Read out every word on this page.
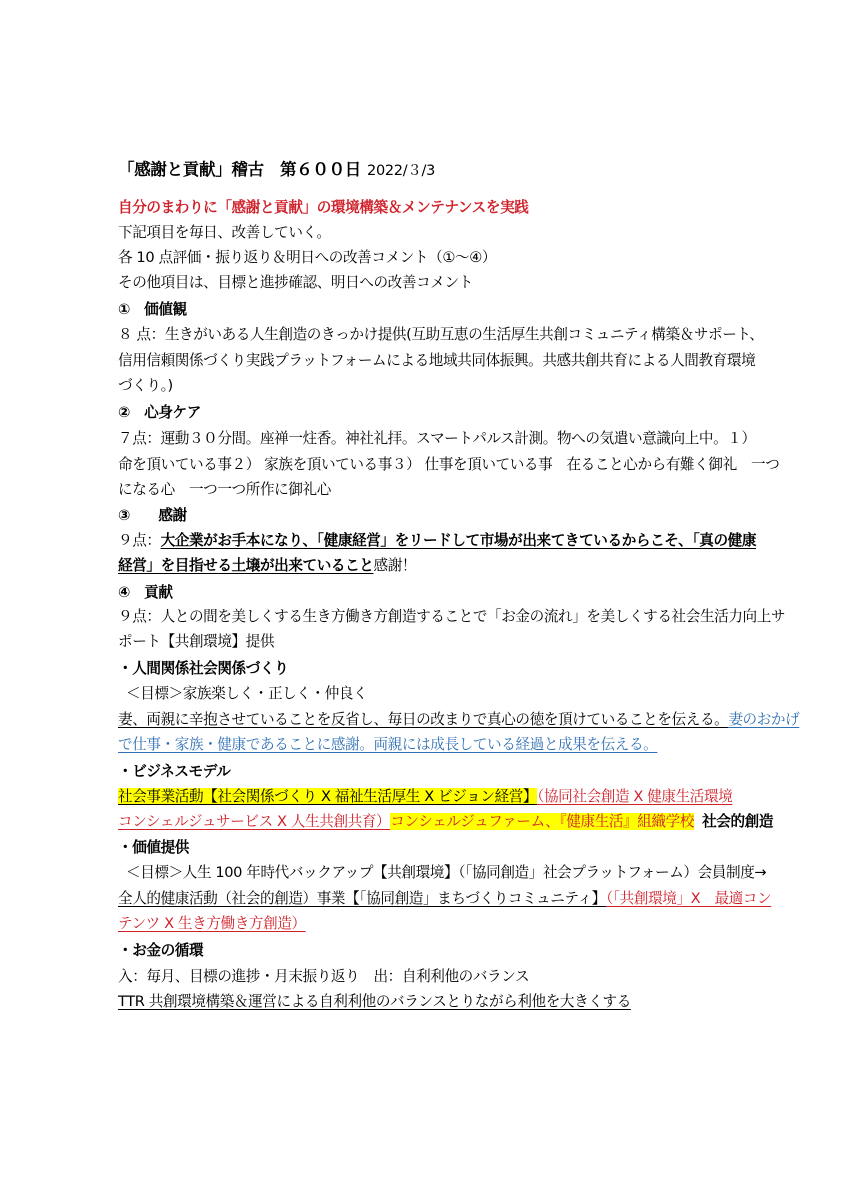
「感謝と貢献」稽古　第６００日 2022/３/3
自分のまわりに「感謝と貢献」の環境構築＆メンテナンスを実践
下記項目を毎日、改善していく。
各 10 点評価・振り返り＆明日への改善コメント（①～④）
その他項目は、目標と進捗確認、明日への改善コメント
①　価値観
８ 点：生きがいある人生創造のきっかけ提供(互助互恵の生活厚生共創コミュニティ構築＆サポート、
信用信頼関係づくり実践プラットフォームによる地域共同体振興。共感共創共育による人間教育環境
づくり。)
②　心身ケア
７点：運動３０分間。座禅一炷香。神社礼拝。スマートパルス計測。物への気遣い意識向上中。１）
命を頂いている事２） 家族を頂いている事３） 仕事を頂いている事　在ること心から有難く御礼　一つ
になる心　一つ一つ所作に御礼心
③　　感謝
９点：大企業がお手本になり、「健康経営」をリードして市場が出来てきているからこそ、「真の健康
経営」を目指せる土壌が出来ていること感謝！
④　貢献
９点：人との間を美しくする生き方働き方創造することで「お金の流れ」を美しくする社会生活力向上サ
ポート【共創環境】提供
・人間関係社会関係づくり
＜目標＞家族楽しく・正しく・仲良く
妻、両親に辛抱させていることを反省し、毎日の改まりで真心の徳を頂けていることを伝える。妻のおかげ
で仕事・家族・健康であることに感謝。両親には成長している経過と成果を伝える。
・ビジネスモデル
社会事業活動【社会関係づくり X 福祉生活厚生 X ビジョン経営】（協同社会創造 X 健康生活環境
コンシェルジュサービス X 人生共創共育）コンシェルジュファーム、『健康生活』組織学校 社会的創造
・価値提供
＜目標＞人生 100 年時代バックアップ【共創環境】（「協同創造」社会プラットフォーム）会員制度→
全人的健康活動（社会的創造）事業【「協同創造」まちづくりコミュニティ】（「共創環境」X　最適コン
テンツ X 生き方働き方創造）
・お金の循環
入：毎月、目標の進捗・月末振り返り　出：自利利他のバランス
TTR 共創環境構築＆運営による自利利他のバランスとりながら利他を大きくする
